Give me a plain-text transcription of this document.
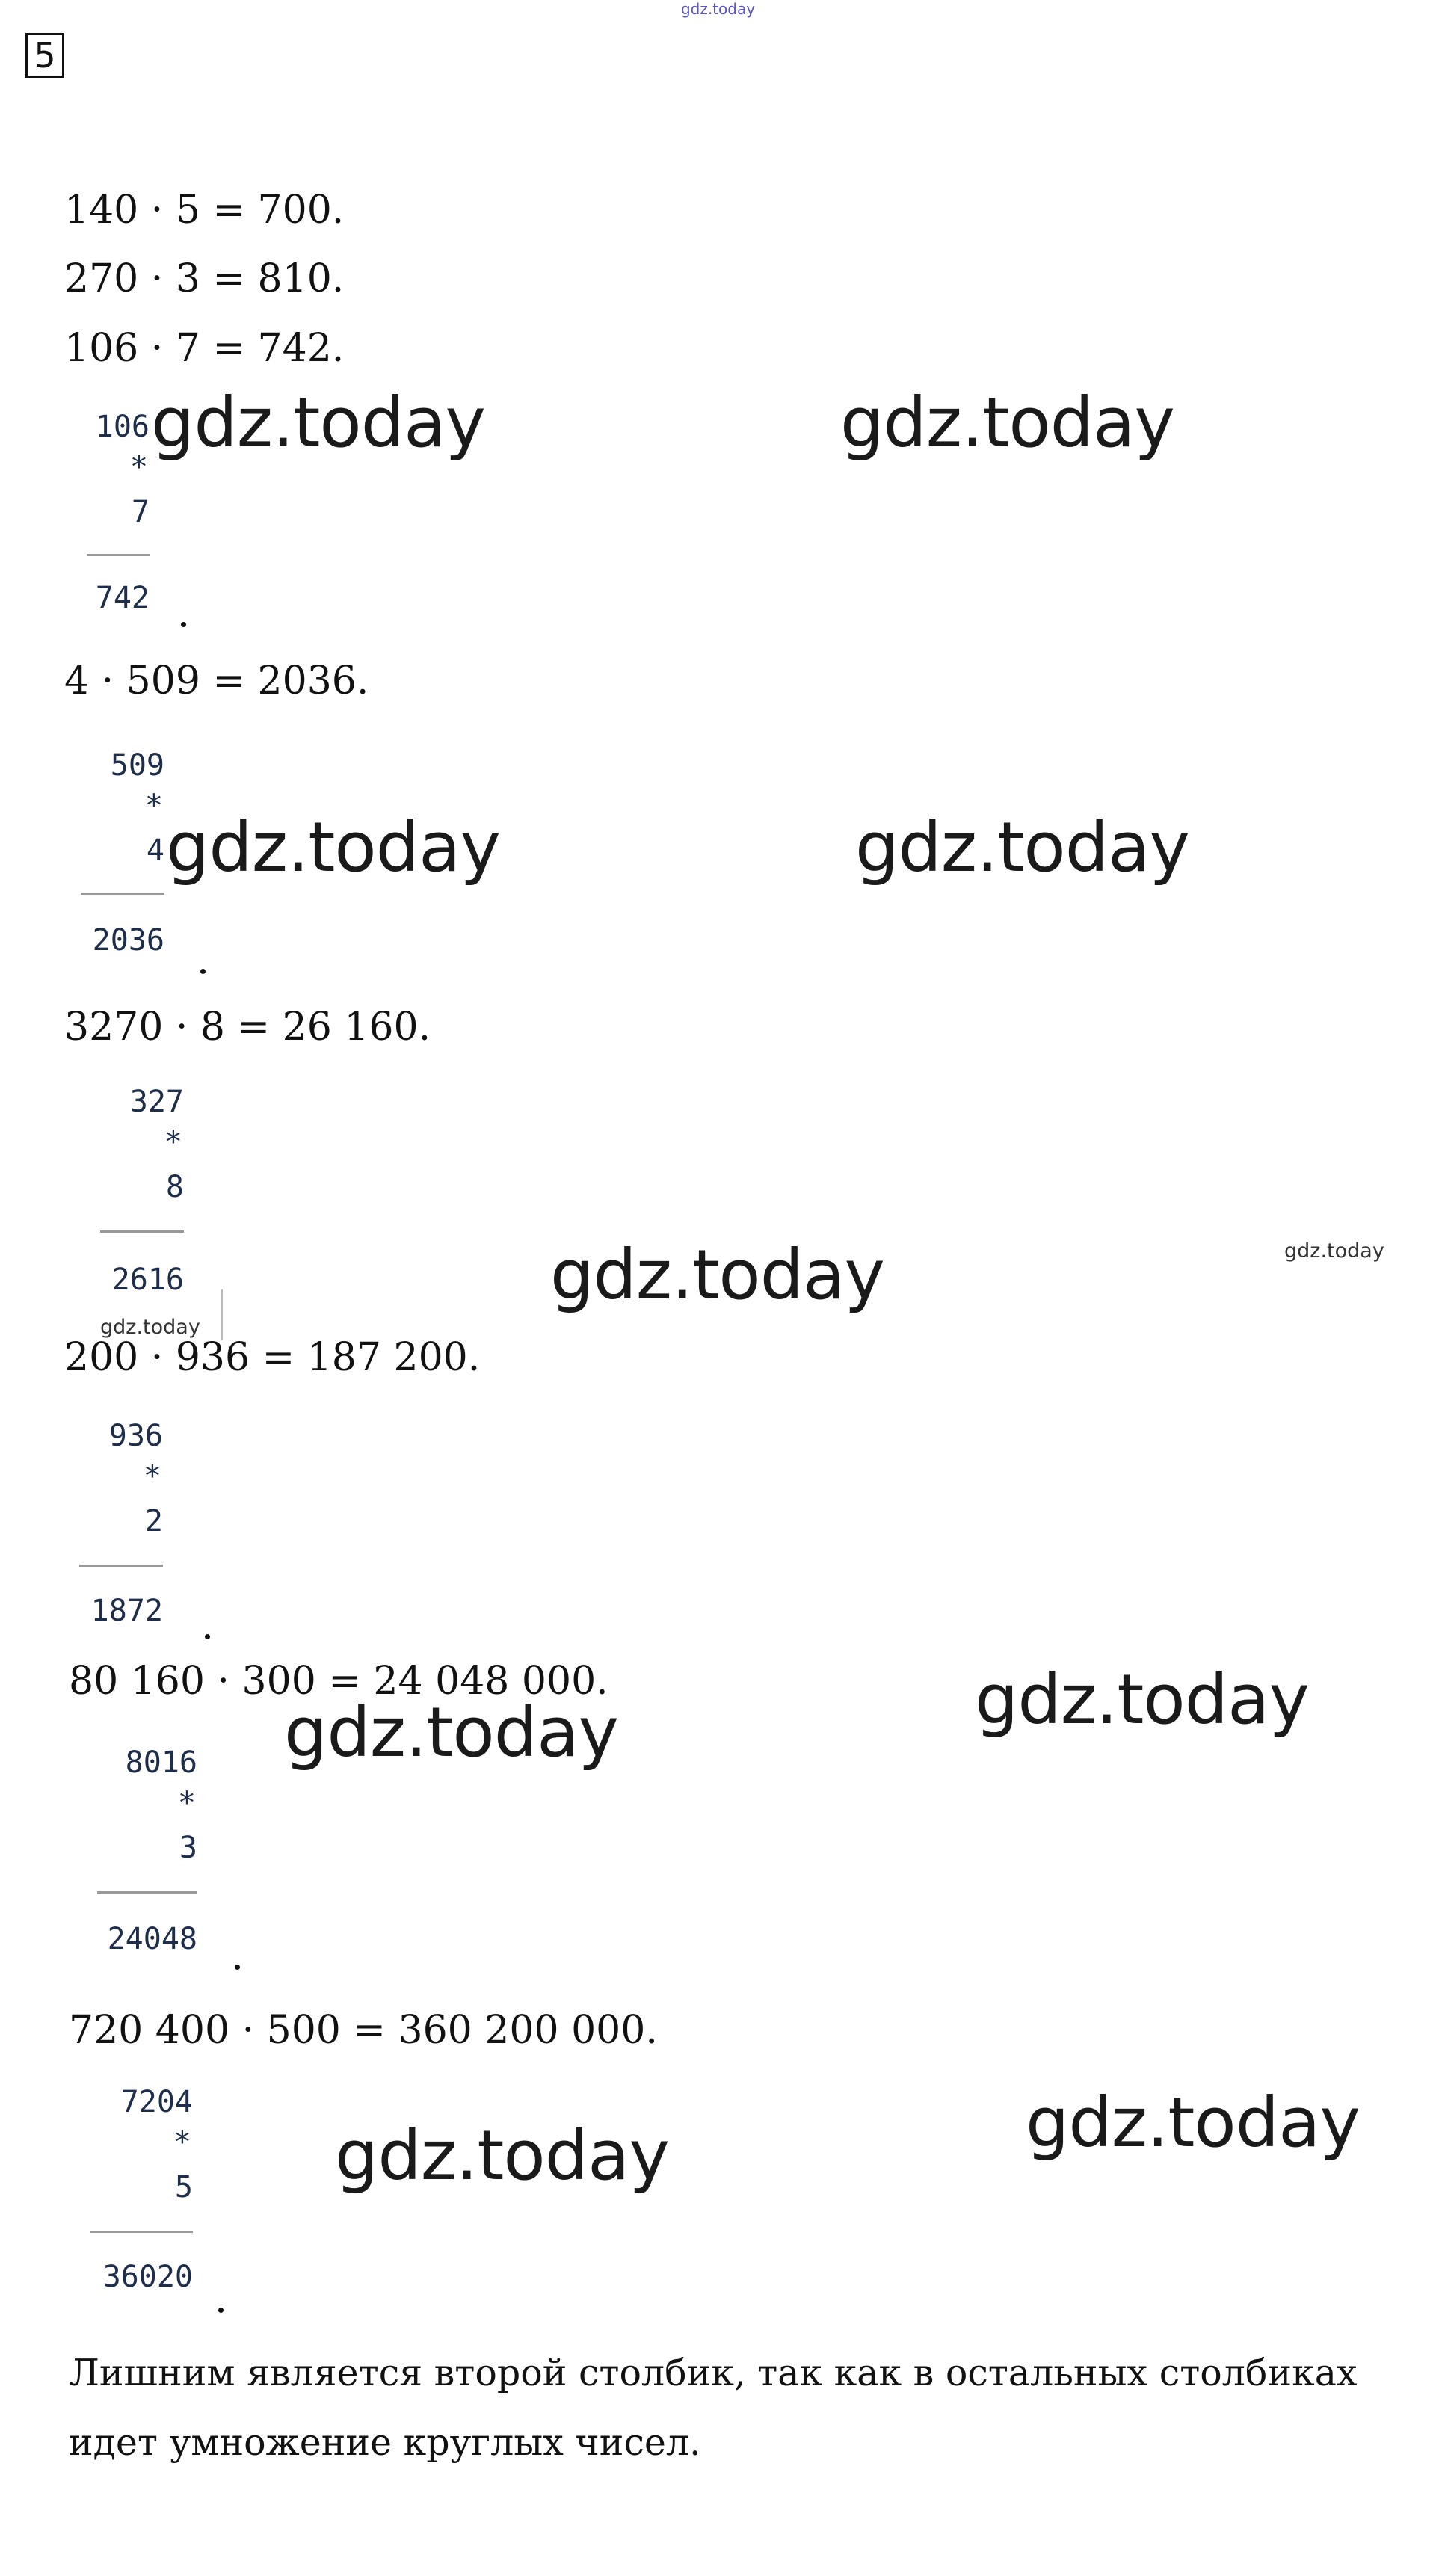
gdz.today
5
140 · 5 = 700.
270 · 3 = 810.
106 · 7 = 742.
106
*
7
742
4 · 509 = 2036.
509
*
4
2036
3270 · 8 = 26 160.
327
*
8
2616
200 · 936 = 187 200.
936
*
2
1872
80 160 · 300 = 24 048 000.
8016
*
3
24048
720 400 · 500 = 360 200 000.
7204
*
5
36020
Лишним является второй столбик, так как в остальных столбиках
идет умножение круглых чисел.
gdz.today	gdz.today
gdz.today	gdz.today
gdz.today	gdz.today
gdz.today
gdz.today
gdz.today
gdz.today
gdz.today
